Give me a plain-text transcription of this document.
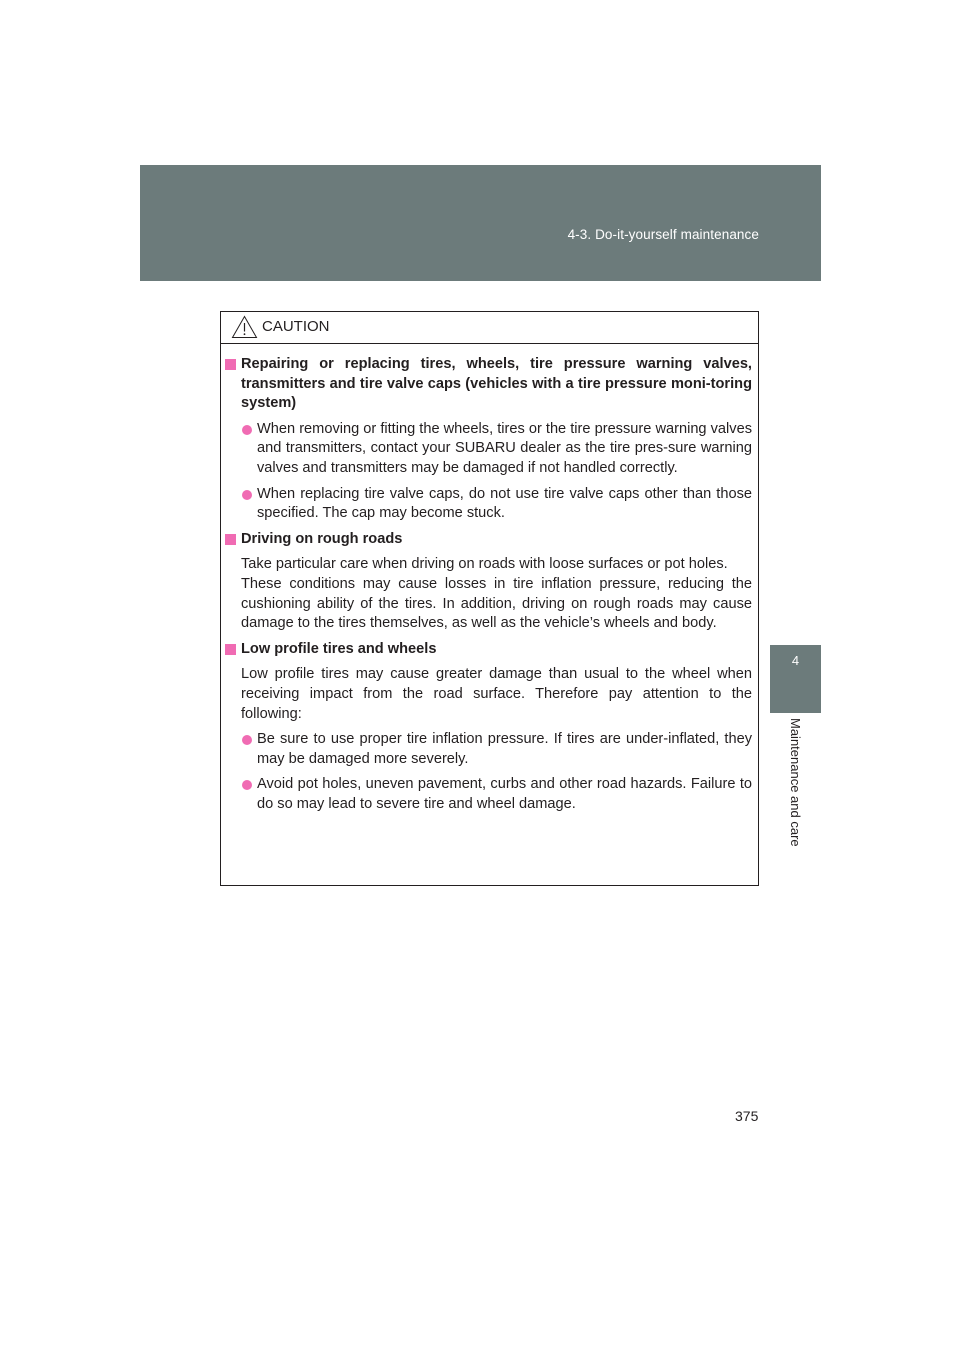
4-3. Do-it-yourself maintenance
4
Maintenance and care
CAUTION
Repairing or replacing tires, wheels, tire pressure warning valves, transmitters and tire valve caps (vehicles with a tire pressure moni-toring system)
When removing or fitting the wheels, tires or the tire pressure warning valves and transmitters, contact your SUBARU dealer as the tire pres-sure warning valves and transmitters may be damaged if not handled correctly.
When replacing tire valve caps, do not use tire valve caps other than those specified. The cap may become stuck.
Driving on rough roads
Take particular care when driving on roads with loose surfaces or pot holes.
These conditions may cause losses in tire inflation pressure, reducing the cushioning ability of the tires. In addition, driving on rough roads may cause damage to the tires themselves, as well as the vehicle’s wheels and body.
Low profile tires and wheels
Low profile tires may cause greater damage than usual to the wheel when receiving impact from the road surface. Therefore pay attention to the following:
Be sure to use proper tire inflation pressure. If tires are under-inflated, they may be damaged more severely.
Avoid pot holes, uneven pavement, curbs and other road hazards. Failure to do so may lead to severe tire and wheel damage.
375
